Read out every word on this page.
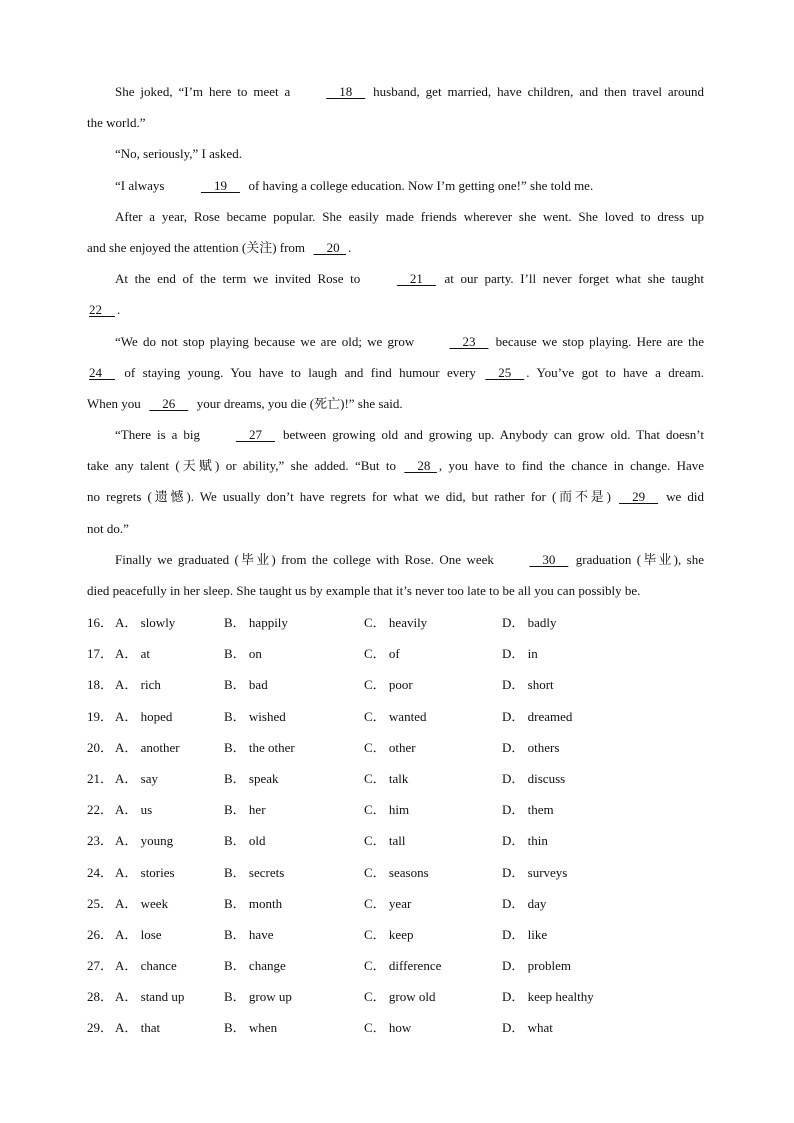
She joked, “I’m here to meet a	18 husband, get married, have children, and then travel around
the world.”
“No, seriously,” I asked.
“I always	19 of having a college education. Now I’m getting one!” she told me.
After a year, Rose became popular. She easily made friends wherever she went. She loved to dress up
and she enjoyed the attention (关注) from 20 .
At the end of the term we invited Rose to	21 at our party. I’ll never forget what she taught
22 .
“We do not stop playing because we are old; we grow	23 because we stop playing. Here are the
24 of staying young. You have to laugh and find humour every 25 . You’ve got to have a dream.
When you 26 your dreams, you die (死亡)!” she said.
“There is a big	27 between growing old and growing up. Anybody can grow old. That doesn’t
take any talent (天赋) or ability,” she added. “But to 28 , you have to find the chance in change. Have
no regrets (遗憾). We usually don’t have regrets for what we did, but rather for (而不是) 29 we did
not do.”
Finally we graduated (毕业) from the college with Rose. One week	30 graduation (毕业), she
died peacefully in her sleep. She taught us by example that it’s never too late to be all you can possibly be.
16． A． slowly	B． happily	C． heavily	D． badly
17． A． at	B． on	C． of	D． in
18． A． rich	B． bad	C． poor	D． short
19． A． hoped	B． wished	C． wanted	D． dreamed
20． A． another	B． the other	C． other	D． others
21． A． say	B． speak	C． talk	D． discuss
22． A． us	B． her	C． him	D． them
23． A． young	B． old	C． tall	D． thin
24． A． stories	B． secrets	C． seasons	D． surveys
25． A． week	B． month	C． year	D． day
26． A． lose	B． have	C． keep	D． like
27． A． chance	B． change	C． difference	D． problem
28． A． stand up	B． grow up	C． grow old	D． keep healthy
29． A． that	B． when	C． how	D． what
